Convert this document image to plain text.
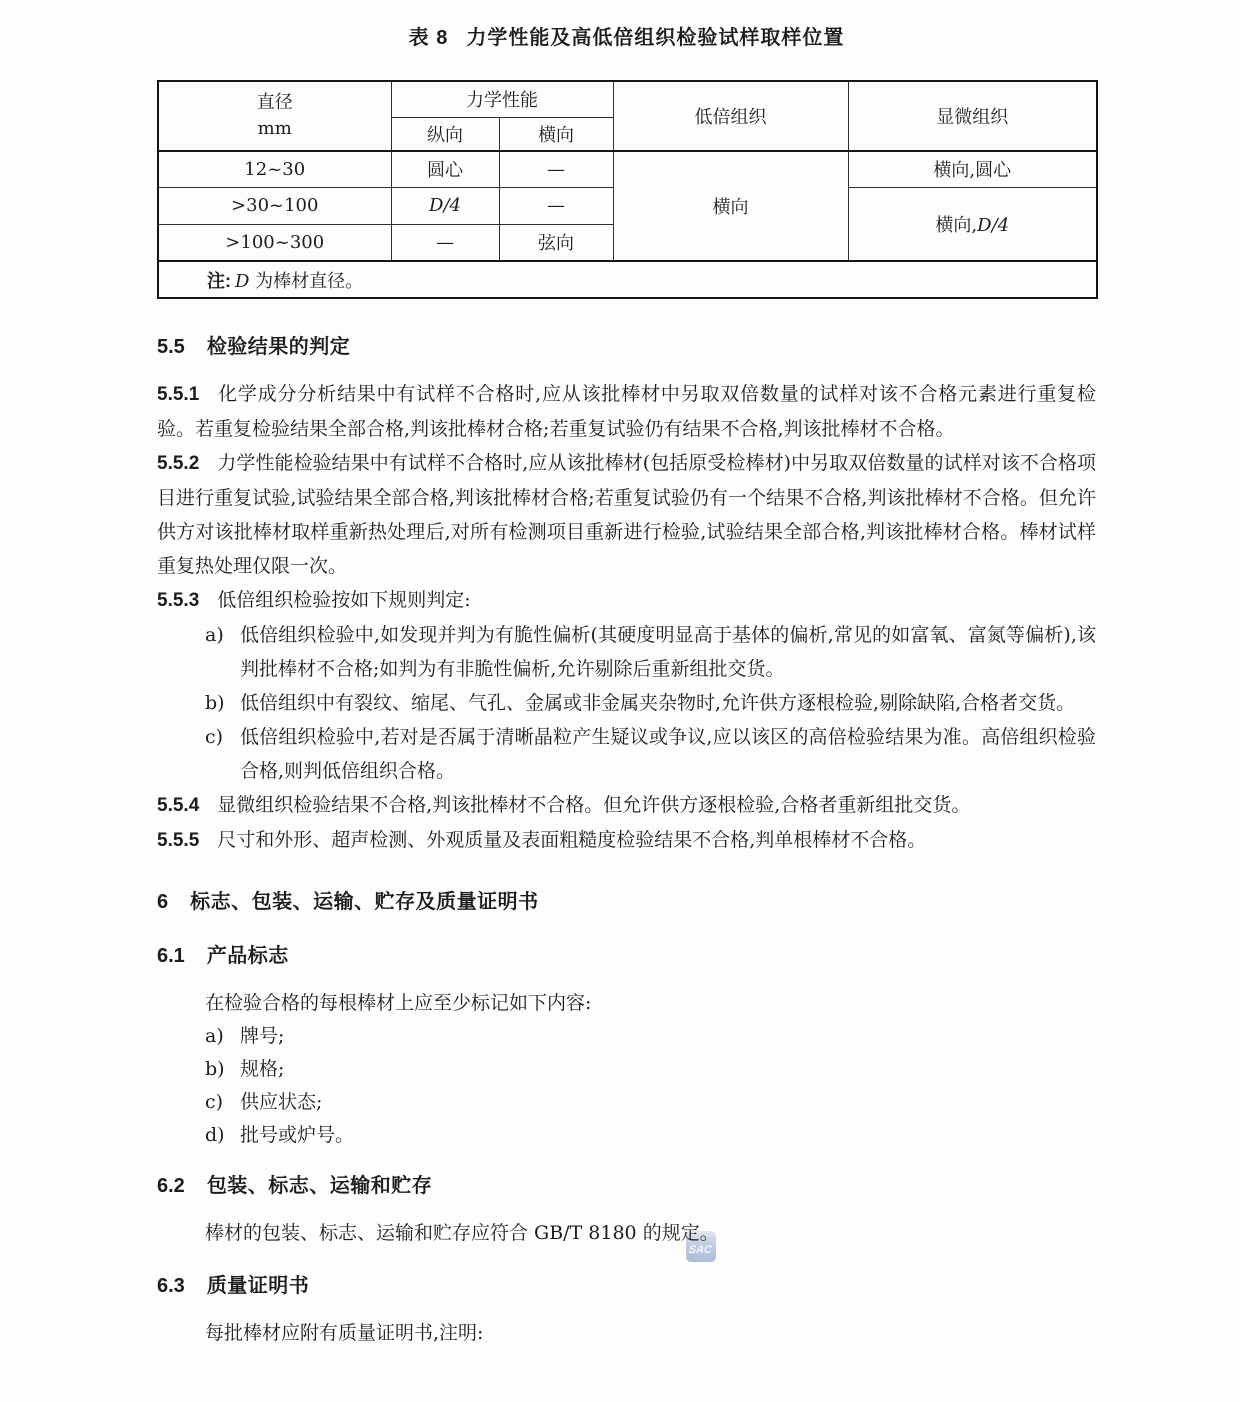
SAC

表 8 力学性能及高低倍组织检验试样取样位置

直径
mm	力学性能		低倍组织	显微组织
	纵向	横向		
12~30	圆心	—	横向	横向,圆心
>30~100	D/4	—		横向,D/4
>100~300	—	弦向		
注: D 为棒材直径。				
5.5 检验结果的判定

5.5.1 化学成分分析结果中有试样不合格时,应从该批棒材中另取双倍数量的试样对该不合格元素进行重复检验。若重复检验结果全部合格,判该批棒材合格;若重复试验仍有结果不合格,判该批棒材不合格。

5.5.2 力学性能检验结果中有试样不合格时,应从该批棒材(包括原受检棒材)中另取双倍数量的试样对该不合格项目进行重复试验,试验结果全部合格,判该批棒材合格;若重复试验仍有一个结果不合格,判该批棒材不合格。但允许供方对该批棒材取样重新热处理后,对所有检测项目重新进行检验,试验结果全部合格,判该批棒材合格。棒材试样重复热处理仅限一次。

5.5.3 低倍组织检验按如下规则判定:

a) 低倍组织检验中,如发现并判为有脆性偏析(其硬度明显高于基体的偏析,常见的如富氧、富氮等偏析),该判批棒材不合格;如判为有非脆性偏析,允许剔除后重新组批交货。
b) 低倍组织中有裂纹、缩尾、气孔、金属或非金属夹杂物时,允许供方逐根检验,剔除缺陷,合格者交货。
c) 低倍组织检验中,若对是否属于清晰晶粒产生疑议或争议,应以该区的高倍检验结果为准。高倍组织检验合格,则判低倍组织合格。

5.5.4 显微组织检验结果不合格,判该批棒材不合格。但允许供方逐根检验,合格者重新组批交货。

5.5.5 尺寸和外形、超声检测、外观质量及表面粗糙度检验结果不合格,判单根棒材不合格。

6 标志、包装、运输、贮存及质量证明书
6.1 产品标志

在检验合格的每根棒材上应至少标记如下内容:

a) 牌号;
b) 规格;
c) 供应状态;
d) 批号或炉号。
6.2 包装、标志、运输和贮存

棒材的包装、标志、运输和贮存应符合 GB/T 8180 的规定。

6.3 质量证明书

每批棒材应附有质量证明书,注明:
